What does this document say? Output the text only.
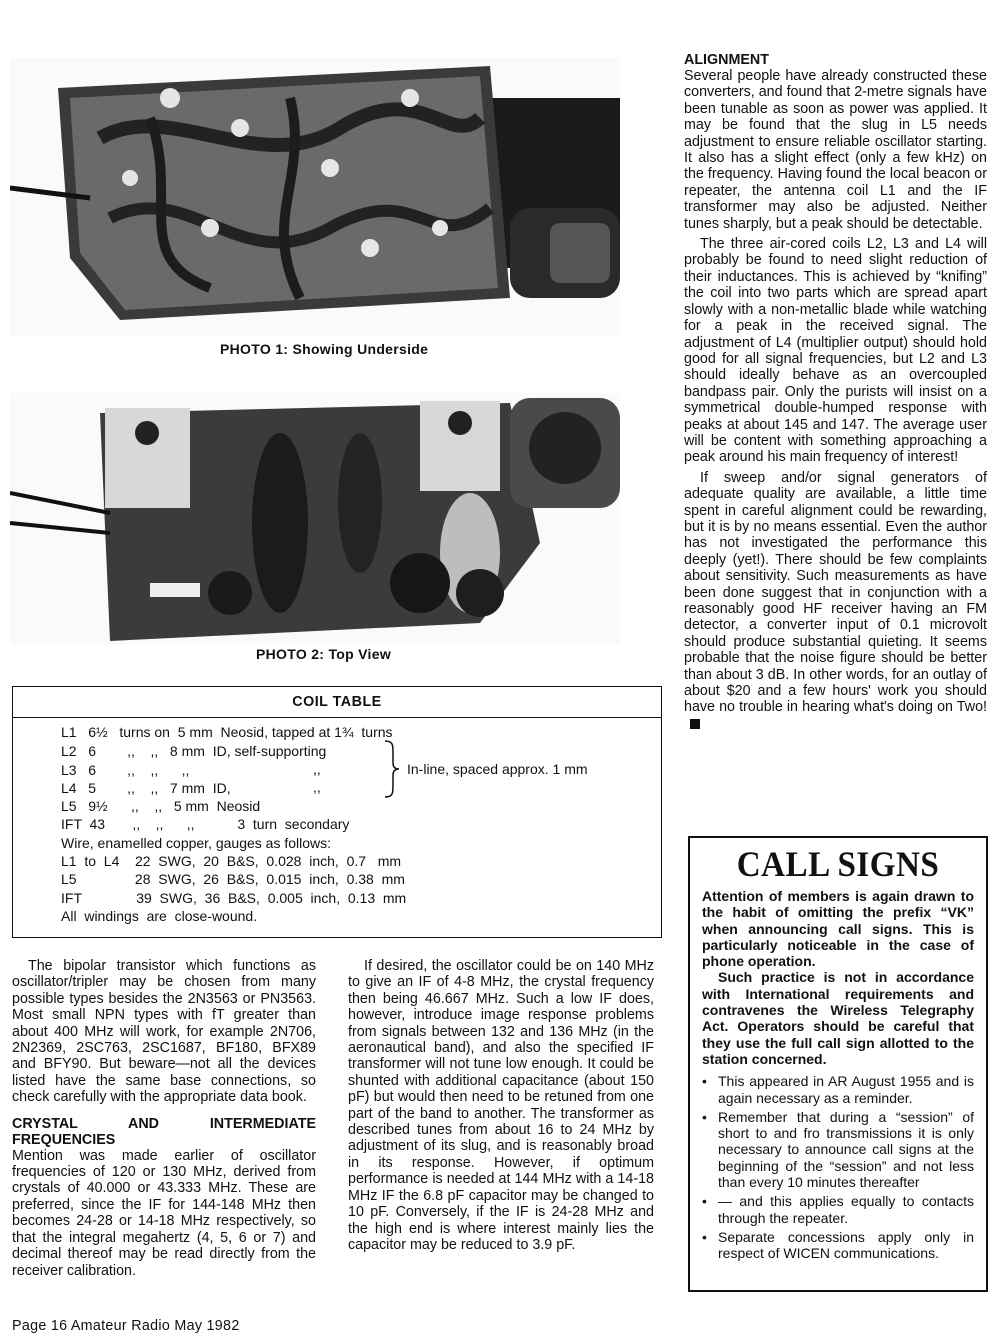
PHOTO 1: Showing Underside
PHOTO 2: Top View
COIL TABLE
L1   6½   turns on  5 mm  Neosid, tapped at 1¾  turns
L2   6        ,,    ,,   8 mm  ID, self-supporting
L3   6        ,,    ,,      ,,
L4   5        ,,    ,,   7 mm  ID,
L5   9½      ,,    ,,   5 mm  Neosid
IFT  43       ,,    ,,      ,,           3  turn  secondary
Wire, enamelled copper, gauges as follows:
L1  to  L4    22  SWG,  20  B&S,  0.028  inch,  0.7   mm
L5               28  SWG,  26  B&S,  0.015  inch,  0.38  mm
IFT              39  SWG,  36  B&S,  0.005  inch,  0.13  mm
All  windings  are  close-wound.
,,
,,
In-line, spaced approx. 1 mm

The bipolar transistor which functions as oscillator/tripler may be chosen from many possible types besides the 2N3563 or PN3563. Most small NPN types with fT greater than about 400 MHz will work, for example 2N706, 2N2369, 2SC763, 2SC1687, BF180, BFX89 and BFY90. But beware—not all the devices listed have the same base connections, so check carefully with the appropriate data book.

CRYSTAL AND INTERMEDIATE FREQUENCIES

Mention was made earlier of oscillator frequencies of 120 or 130 MHz, derived from crystals of 40.000 or 43.333 MHz. These are preferred, since the IF for 144-148 MHz then becomes 24-28 or 14-18 MHz respectively, so that the integral megahertz (4, 5, 6 or 7) and decimal thereof may be read directly from the receiver calibration.

If desired, the oscillator could be on 140 MHz to give an IF of 4-8 MHz, the crystal frequency then being 46.667 MHz. Such a low IF does, however, introduce image response problems from signals between 132 and 136 MHz (in the aeronautical band), and also the specified IF transformer will not tune low enough. It could be shunted with additional capacitance (about 150 pF) but would then need to be retuned from one part of the band to another. The transformer as described tunes from about 16 to 24 MHz by adjustment of its slug, and is reasonably broad in its response. However, if optimum performance is needed at 144 MHz with a 14-18 MHz IF the 6.8 pF capacitor may be changed to 10 pF. Conversely, if the IF is 24-28 MHz and the high end is where interest mainly lies the capacitor may be reduced to 3.9 pF.

ALIGNMENT

Several people have already constructed these converters, and found that 2-metre signals have been tunable as soon as power was applied. It may be found that the slug in L5 needs adjustment to ensure reliable oscillator starting. It also has a slight effect (only a few kHz) on the frequency. Having found the local beacon or repeater, the antenna coil L1 and the IF transformer may also be adjusted. Neither tunes sharply, but a peak should be detectable.

The three air-cored coils L2, L3 and L4 will probably be found to need slight reduction of their inductances. This is achieved by “knifing” the coil into two parts which are spread apart slowly with a non-metallic blade while watching for a peak in the received signal. The adjustment of L4 (multiplier output) should hold good for all signal frequencies, but L2 and L3 should ideally behave as an overcoupled bandpass pair. Only the purists will insist on a symmetrical double-humped response with peaks at about 145 and 147. The average user will be content with something approaching a peak around his main frequency of interest!

If sweep and/or signal generators of adequate quality are available, a little time spent in careful alignment could be rewarding, but it is by no means essential. Even the author has not investigated the performance this deeply (yet!). There should be few complaints about sensitivity. Such measurements as have been done suggest that in conjunction with a reasonably good HF receiver having an FM detector, a converter input of 0.1 microvolt should produce substantial quieting. It seems probable that the noise figure should be better than about 3 dB. In other words, for an outlay of about $20 and a few hours' work you should have no trouble in hearing what's doing on Two!

CALL SIGNS

Attention of members is again drawn to the habit of omitting the prefix “VK” when announcing call signs. This is particularly noticeable in the case of phone operation.

Such practice is not in accordance with International requirements and contravenes the Wireless Telegraphy Act. Operators should be careful that they use the full call sign allotted to the station concerned.

• This appeared in AR August 1955 and is again necessary as a reminder.
• Remember that during a “session” of short to and fro transmissions it is only necessary to announce call signs at the beginning of the “session” and not less than every 10 minutes thereafter
• — and this applies equally to contacts through the repeater.
• Separate concessions apply only in respect of WICEN communications.
Page 16 Amateur Radio May 1982
